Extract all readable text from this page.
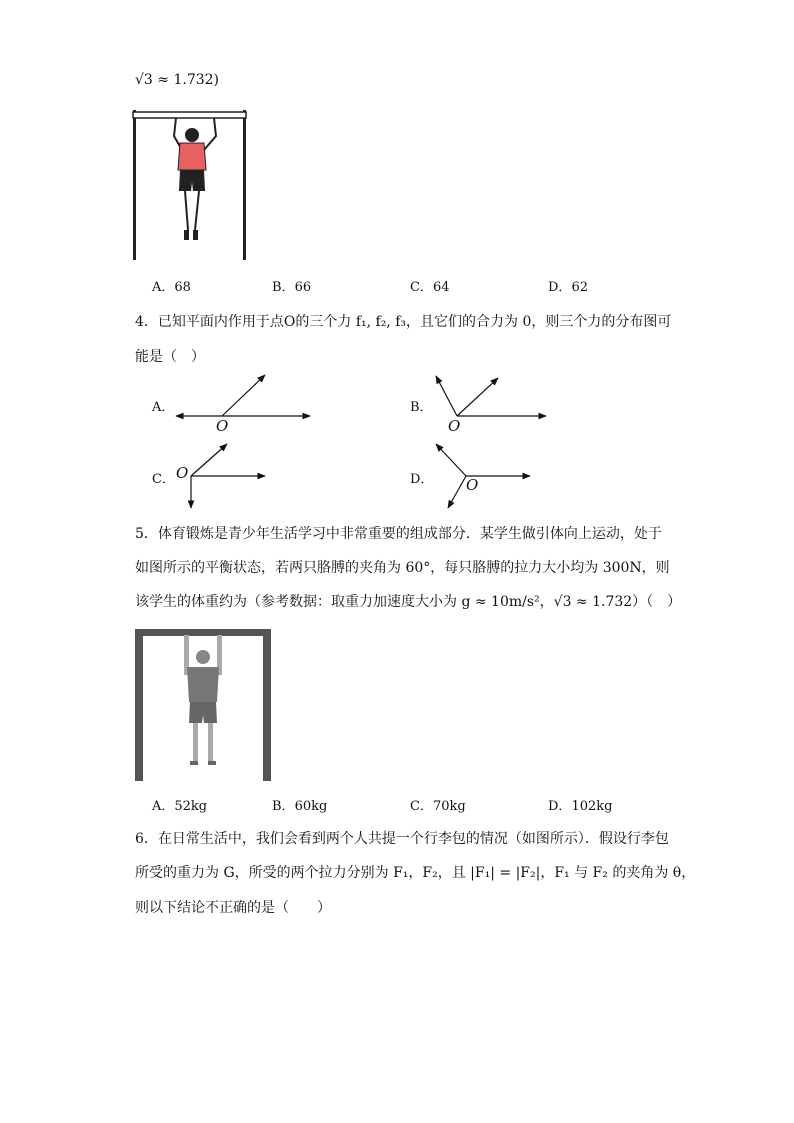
√3 ≈ 1.732)
A．68	B．66	C．64	D．62
4．已知平面内作用于点O的三个力 f₁, f₂, f₃，且它们的合力为 0，则三个力的分布图可
能是（　）
A．
O
B．
O
C． O	D． O
5．体育锻炼是青少年生活学习中非常重要的组成部分．某学生做引体向上运动，处于
如图所示的平衡状态，若两只胳膊的夹角为 60°，每只胳膊的拉力大小均为 300N，则
该学生的体重约为（参考数据：取重力加速度大小为 g ≈ 10m/s²，√3 ≈ 1.732）（　）
A．52kg	B．60kg	C．70kg	D．102kg
6．在日常生活中，我们会看到两个人共提一个行李包的情况（如图所示）．假设行李包
所受的重力为 G，所受的两个拉力分别为 F₁，F₂，且 |F₁| = |F₂|，F₁ 与 F₂ 的夹角为 θ，
则以下结论不正确的是（　　）
